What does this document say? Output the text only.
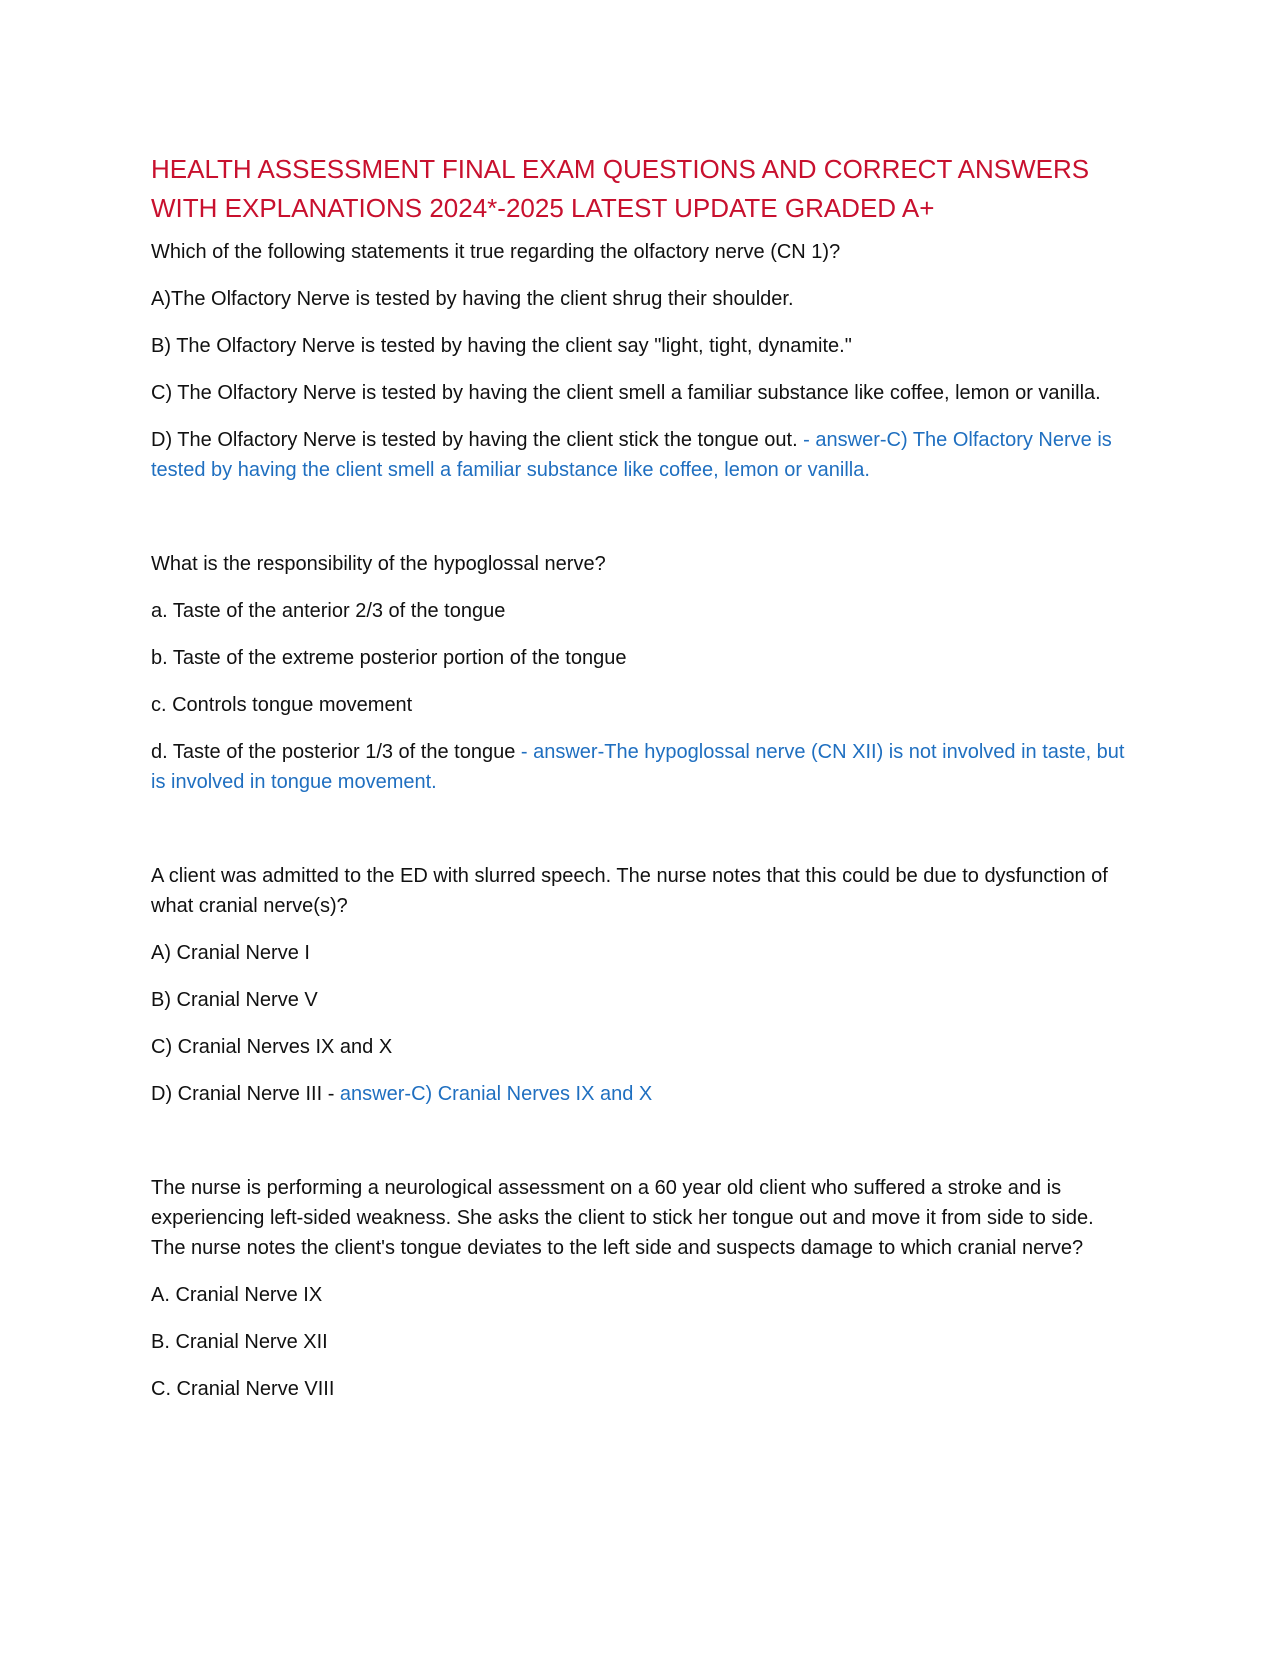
HEALTH ASSESSMENT FINAL EXAM QUESTIONS AND CORRECT ANSWERS WITH EXPLANATIONS 2024*-2025 LATEST UPDATE GRADED A+

Which of the following statements it true regarding the olfactory nerve (CN 1)?

A)The Olfactory Nerve is tested by having the client shrug their shoulder.

B) The Olfactory Nerve is tested by having the client say "light, tight, dynamite."

C) The Olfactory Nerve is tested by having the client smell a familiar substance like coffee, lemon or vanilla.

D) The Olfactory Nerve is tested by having the client stick the tongue out. - answer-C) The Olfactory Nerve is tested by having the client smell a familiar substance like coffee, lemon or vanilla.

What is the responsibility of the hypoglossal nerve?

a. Taste of the anterior 2/3 of the tongue

b. Taste of the extreme posterior portion of the tongue

c. Controls tongue movement

d. Taste of the posterior 1/3 of the tongue - answer-The hypoglossal nerve (CN XII) is not involved in taste, but is involved in tongue movement.

A client was admitted to the ED with slurred speech. The nurse notes that this could be due to dysfunction of what cranial nerve(s)?

A) Cranial Nerve I

B) Cranial Nerve V

C) Cranial Nerves IX and X

D) Cranial Nerve III - answer-C) Cranial Nerves IX and X

The nurse is performing a neurological assessment on a 60 year old client who suffered a stroke and is experiencing left-sided weakness. She asks the client to stick her tongue out and move it from side to side. The nurse notes the client's tongue deviates to the left side and suspects damage to which cranial nerve?

A. Cranial Nerve IX

B. Cranial Nerve XII

C. Cranial Nerve VIII
